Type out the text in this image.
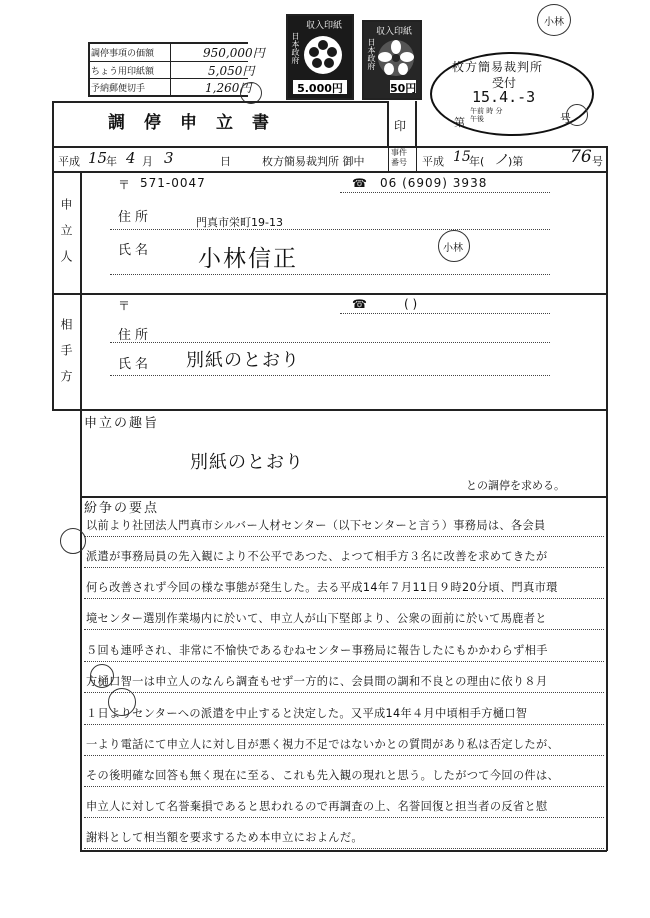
調停事項の価額	950,000円
ちょう用印紙額	5,050円
予納郵便切手	1,260円
収入印紙
日本政府
5.000円
収入印紙
日本政府
50円
小林
枚方簡易裁判所
受付
15.4.-3
午前 時 分
午後
第	号
調停申立書	印
平成 15
年 4 月 3	日	枚方簡易裁判所 御中
事件
番号 平成 15
年( ノ )第	76 号
申立人
〒 571-0047	☎ 06 (6909) 3938
住所	門真市栄町19-13
氏名 小林信正	小林
相手方
〒	☎	( )
住所
氏名 別紙のとおり
申立の趣旨
別紙のとおり
との調停を求める。
紛争の要点
以前より社団法人門真市シルバー人材センター（以下センターと言う）事務局は、各会員
派遣が事務局員の先入観により不公平であつた、よつて相手方３名に改善を求めてきたが
何ら改善されず今回の様な事態が発生した。去る平成14年７月11日９時20分頃、門真市環
境センター選別作業場内に於いて、申立人が山下堅郎より、公衆の面前に於いて馬鹿者と
５回も連呼され、非常に不愉快であるむねセンター事務局に報告したにもかかわらず相手
方樋口智一は申立人のなんら調査もせず一方的に、会員間の調和不良との理由に依り８月
１日よりセンターへの派遣を中止すると決定した。又平成14年４月中頃相手方樋口智
一より電話にて申立人に対し目が悪く視力不足ではないかとの質問があり私は否定したが、
その後明確な回答も無く現在に至る、これも先入観の現れと思う。したがつて今回の件は、
申立人に対して名誉棄損であると思われるので再調査の上、名誉回復と担当者の反省と慰
謝料として相当額を要求するため本申立におよんだ。
